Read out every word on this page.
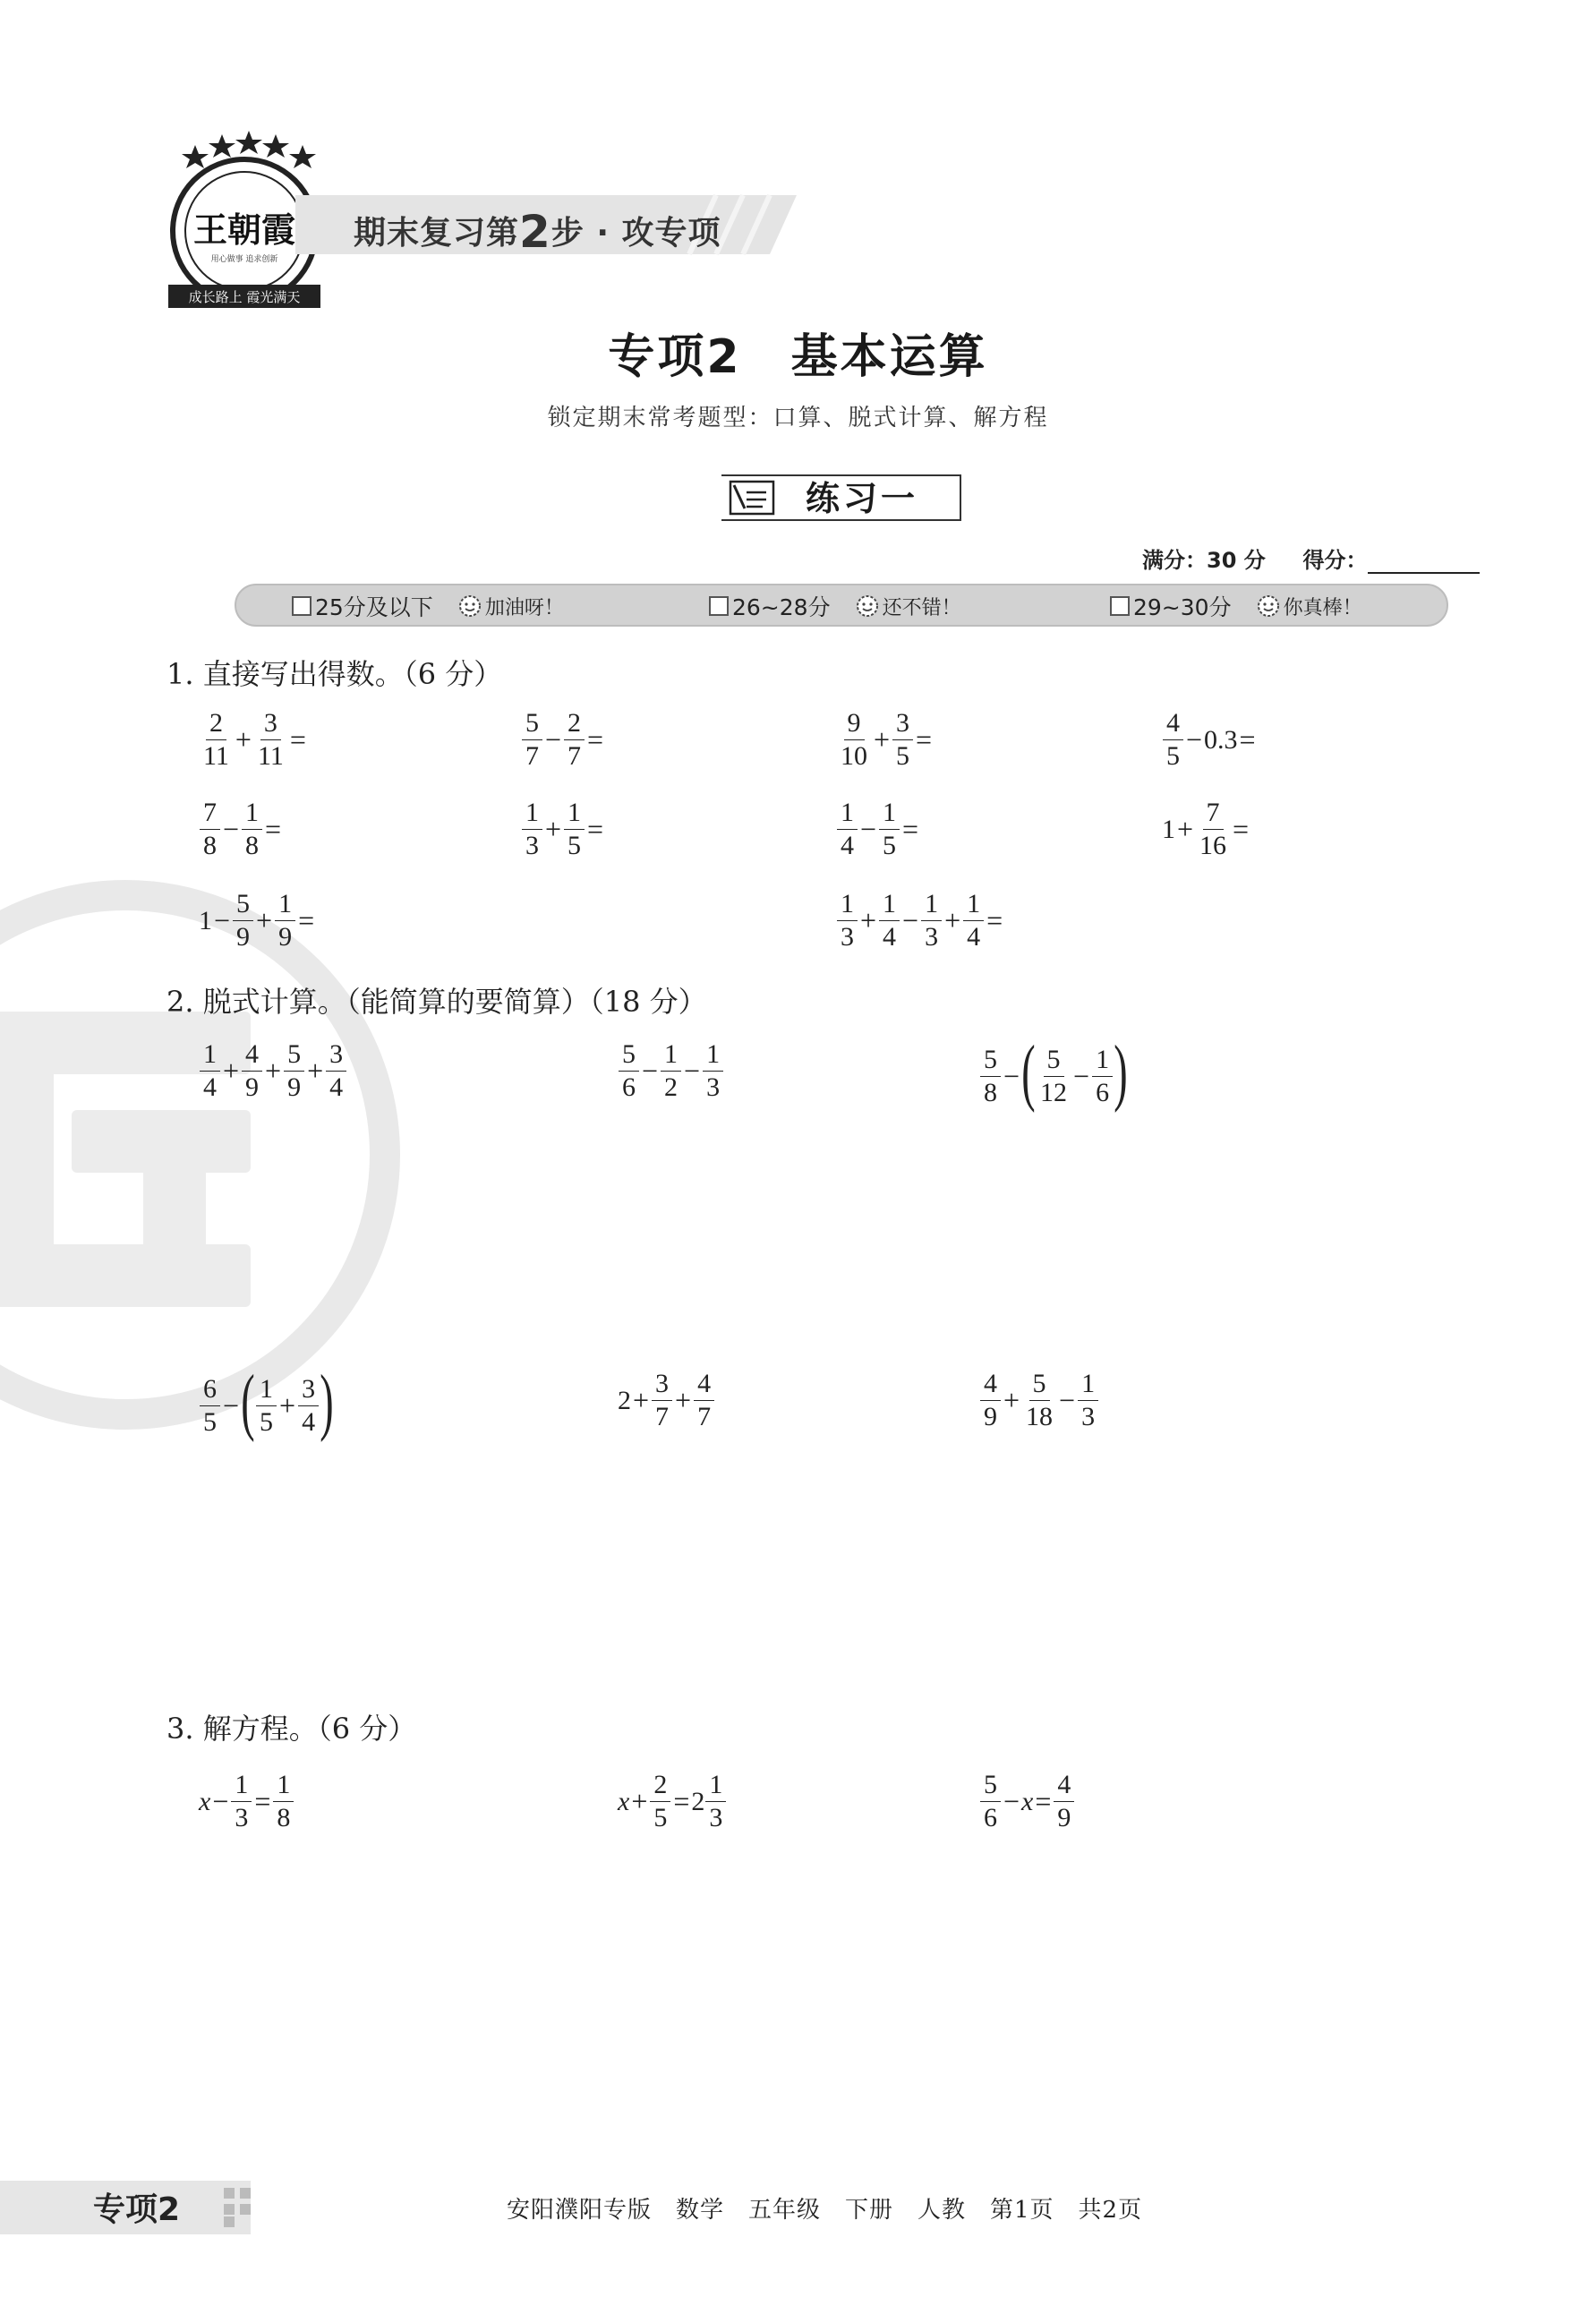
王朝霞
用心做事 追求创新
成长路上 霞光满天
期末复习第2步 · 攻专项
专项2　基本运算
锁定期末常考题型：口算、脱式计算、解方程
练习一
满分：30 分 得分：
25分及以下	加油呀！	26~28分	还不错！	29~30分	你真棒！
1. 直接写出得数。（6 分）
$\frac{2}{11} + \frac{3}{11}$ =	$\frac{5}{7} - \frac{2}{7}$ =	$\frac{9}{10} + \frac{3}{5}$ =	$\frac{4}{5} - 0.3$ =
$\frac{7}{8} - \frac{1}{8}$ =	$\frac{1}{3} + \frac{1}{5}$ =	$\frac{1}{4} - \frac{1}{5}$ =	$1 + \frac{7}{16}$ =
$1 - \frac{5}{9} + \frac{1}{9}$ =	$\frac{1}{3} + \frac{1}{4} - \frac{1}{3} + \frac{1}{4}$ =
2. 脱式计算。（能简算的要简算）（18 分）
$\frac{1}{4} + \frac{4}{9} + \frac{5}{9} + \frac{3}{4}$	$\frac{5}{6} - \frac{1}{2} - \frac{1}{3}$	$\frac{5}{8}$ − ( $\frac{5}{12} - \frac{1}{6}$ )
$\frac{6}{5}$ − ( $\frac{1}{5} + \frac{3}{4}$ )	$2 + \frac{3}{7} + \frac{4}{7}$	$\frac{4}{9} + \frac{5}{18} - \frac{1}{3}$
3. 解方程。（6 分）
$x - \frac{1}{3} = \frac{1}{8}$	$x + \frac{2}{5} = 2 \frac{1}{3}$	$\frac{5}{6} - x = \frac{4}{9}$
专项2	安阳濮阳专版　数学　五年级　下册　人教　第1页　共2页
